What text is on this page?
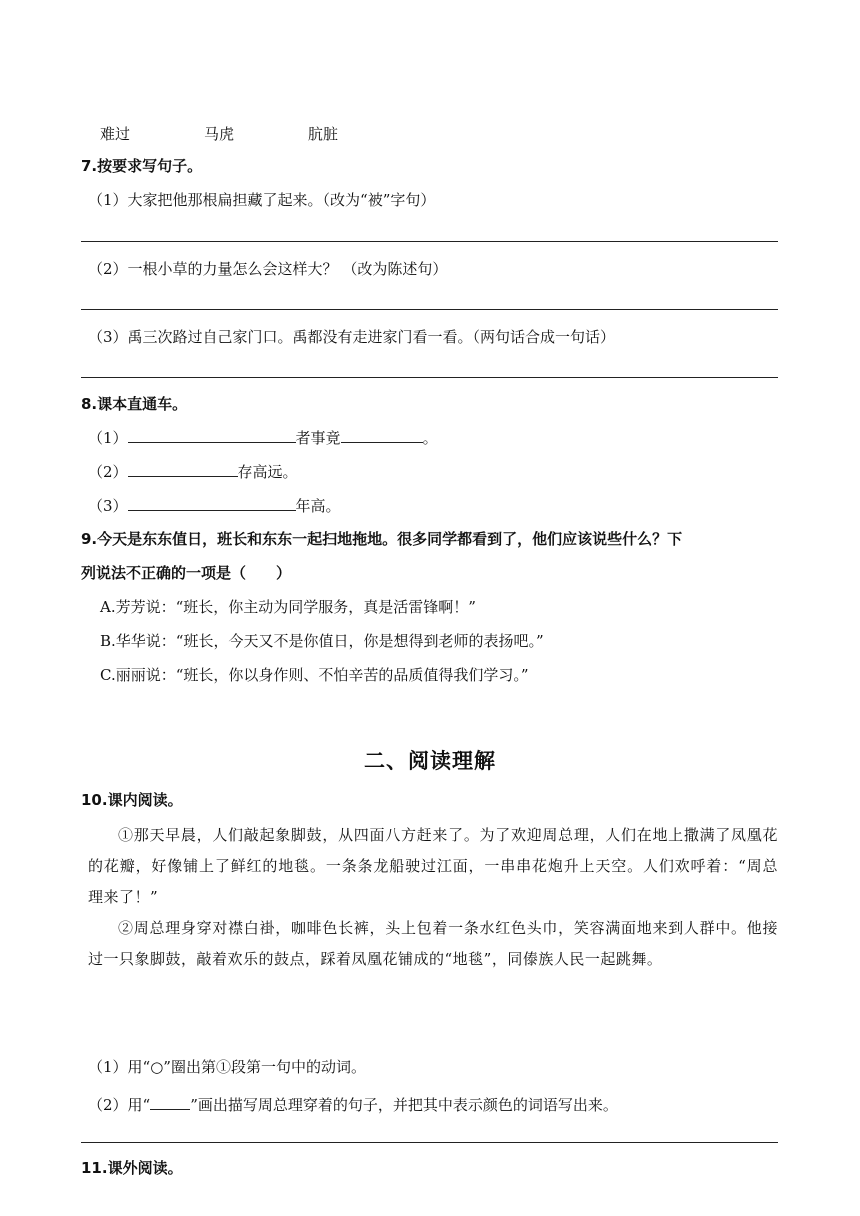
难过	马虎	肮脏
7.按要求写句子。
（1）大家把他那根扁担藏了起来。（改为“被”字句）
（2）一根小草的力量怎么会这样大？ （改为陈述句）
（3）禹三次路过自己家门口。禹都没有走进家门看一看。（两句话合成一句话）
8.课本直通车。
（1）	者事竟	。
（2）	存高远。
（3）	年高。
9.今天是东东值日，班长和东东一起扫地拖地。很多同学都看到了，他们应该说些什么？下
列说法不正确的一项是（　　）
A.芳芳说：“班长，你主动为同学服务，真是活雷锋啊！”
B.华华说：“班长，今天又不是你值日，你是想得到老师的表扬吧。”
C.丽丽说：“班长，你以身作则、不怕辛苦的品质值得我们学习。”
二、阅读理解
10.课内阅读。
①那天早晨，人们敲起象脚鼓，从四面八方赶来了。为了欢迎周总理，人们在地上撒满了凤凰花的花瓣，好像铺上了鲜红的地毯。一条条龙船驶过江面，一串串花炮升上天空。人们欢呼着：“周总理来了！”
②周总理身穿对襟白褂，咖啡色长裤，头上包着一条水红色头巾，笑容满面地来到人群中。他接过一只象脚鼓，敲着欢乐的鼓点，踩着凤凰花铺成的“地毯”，同傣族人民一起跳舞。
（1）用“○”圈出第①段第一句中的动词。
（2）用“	”画出描写周总理穿着的句子，并把其中表示颜色的词语写出来。
11.课外阅读。
